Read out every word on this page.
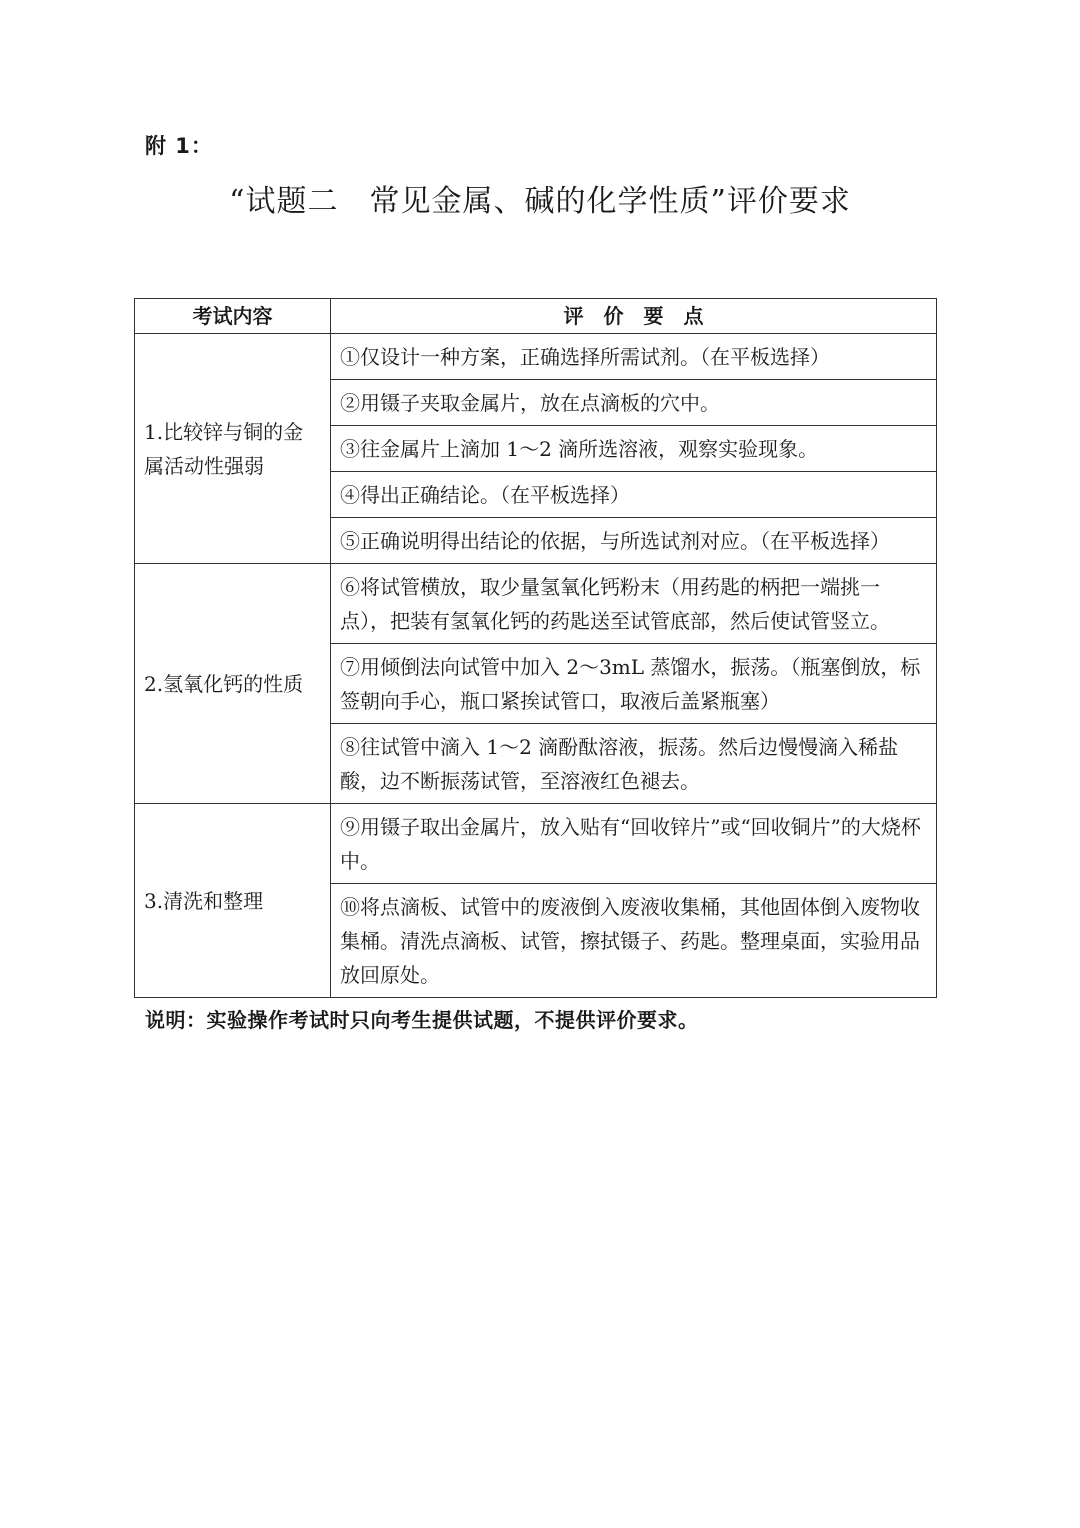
附 1：
“试题二　常见金属、碱的化学性质”评价要求
考试内容	评　价　要　点
1.比较锌与铜的金属活动性强弱	①仅设计一种方案，正确选择所需试剂。（在平板选择）
	②用镊子夹取金属片，放在点滴板的穴中。
	③往金属片上滴加 1～2 滴所选溶液，观察实验现象。
	④得出正确结论。（在平板选择）
	⑤正确说明得出结论的依据，与所选试剂对应。（在平板选择）
2.氢氧化钙的性质	⑥将试管横放，取少量氢氧化钙粉末（用药匙的柄把一端挑一点），把装有氢氧化钙的药匙送至试管底部，然后使试管竖立。
	⑦用倾倒法向试管中加入 2～3mL 蒸馏水，振荡。（瓶塞倒放，标签朝向手心，瓶口紧挨试管口，取液后盖紧瓶塞）
	⑧往试管中滴入 1～2 滴酚酞溶液，振荡。然后边慢慢滴入稀盐酸，边不断振荡试管，至溶液红色褪去。
3.清洗和整理	⑨用镊子取出金属片，放入贴有“回收锌片”或“回收铜片”的大烧杯中。
	⑩将点滴板、试管中的废液倒入废液收集桶，其他固体倒入废物收集桶。清洗点滴板、试管，擦拭镊子、药匙。整理桌面，实验用品放回原处。
说明：实验操作考试时只向考生提供试题，不提供评价要求。
